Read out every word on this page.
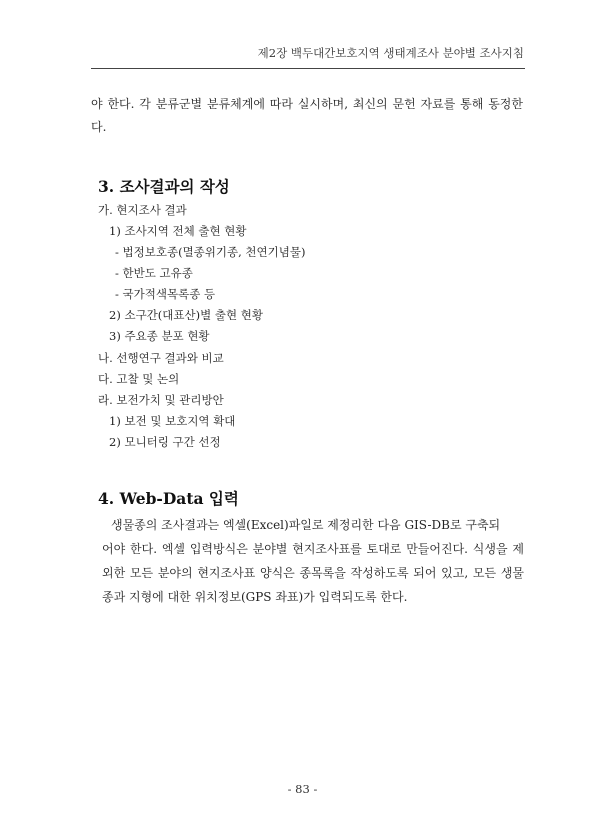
제2장 백두대간보호지역 생태계조사 분야별 조사지침
야 한다. 각 분류군별 분류체계에 따라 실시하며, 최신의 문헌 자료를 통해 동정한다.
3. 조사결과의 작성
가. 현지조사 결과
1) 조사지역 전체 출현 현황
- 법정보호종(멸종위기종, 천연기념물)
- 한반도 고유종
- 국가적색목록종 등
2) 소구간(대표산)별 출현 현황
3) 주요종 분포 현황
나. 선행연구 결과와 비교
다. 고찰 및 논의
라. 보전가치 및 관리방안
1) 보전 및 보호지역 확대
2) 모니터링 구간 선정
4. Web-Data 입력
생물종의 조사결과는 엑셀(Excel)파일로 제정리한 다음 GIS-DB로 구축되
어야 한다. 엑셀 입력방식은 분야별 현지조사표를 토대로 만들어진다. 식생을 제외한 모든 분야의 현지조사표 양식은 종목록을 작성하도록 되어 있고, 모든 생물종과 지형에 대한 위치정보(GPS 좌표)가 입력되도록 한다.
- 83 -
